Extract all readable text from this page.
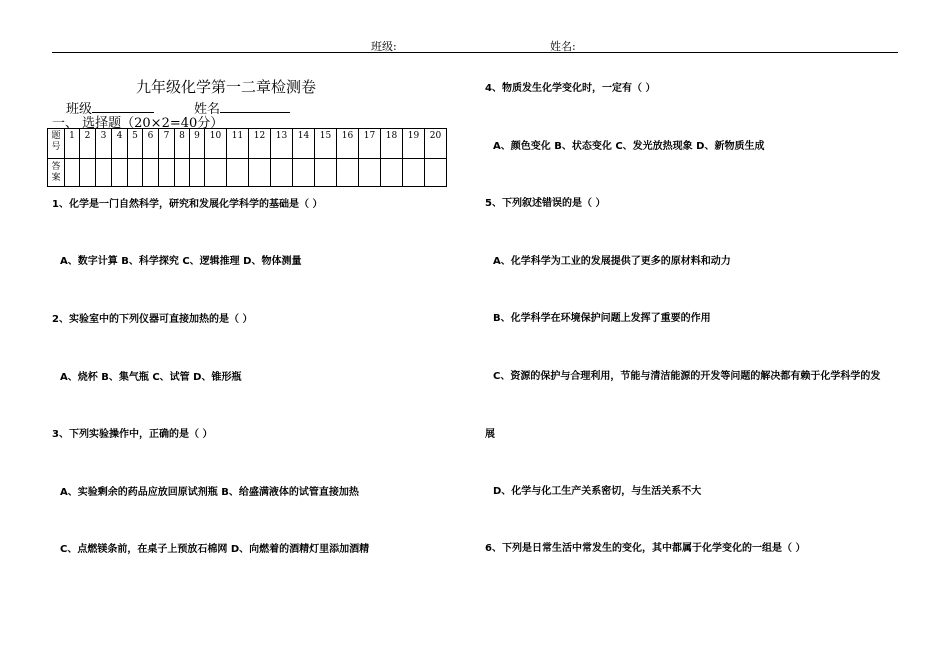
班级:	姓名:
九年级化学第一二章检测卷
班级	姓名
一、 选择题（20×2=40分）
题号	1	2	3	4	5	6	7	8	9	10	11	12	13	14	15	16	17	18	19	20
答案																				
1、化学是一门自然科学，研究和发展化学科学的基础是（ ）
A、数字计算 B、科学探究 C、逻辑推理 D、物体测量
2、实验室中的下列仪器可直接加热的是（ ）
A、烧杯 B、集气瓶 C、试管 D、锥形瓶
3、下列实验操作中，正确的是（ ）
A、实验剩余的药品应放回原试剂瓶 B、给盛满液体的试管直接加热
C、点燃镁条前，在桌子上预放石棉网 D、向燃着的酒精灯里添加酒精
4、物质发生化学变化时，一定有（ ）
A、颜色变化 B、状态变化 C、发光放热现象 D、新物质生成
5、下列叙述错误的是（ ）
A、化学科学为工业的发展提供了更多的原材料和动力
B、化学科学在环境保护问题上发挥了重要的作用
C、资源的保护与合理利用，节能与清洁能源的开发等问题的解决都有赖于化学科学的发
展
D、化学与化工生产关系密切，与生活关系不大
6、下列是日常生活中常发生的变化，其中都属于化学变化的一组是（ ）
